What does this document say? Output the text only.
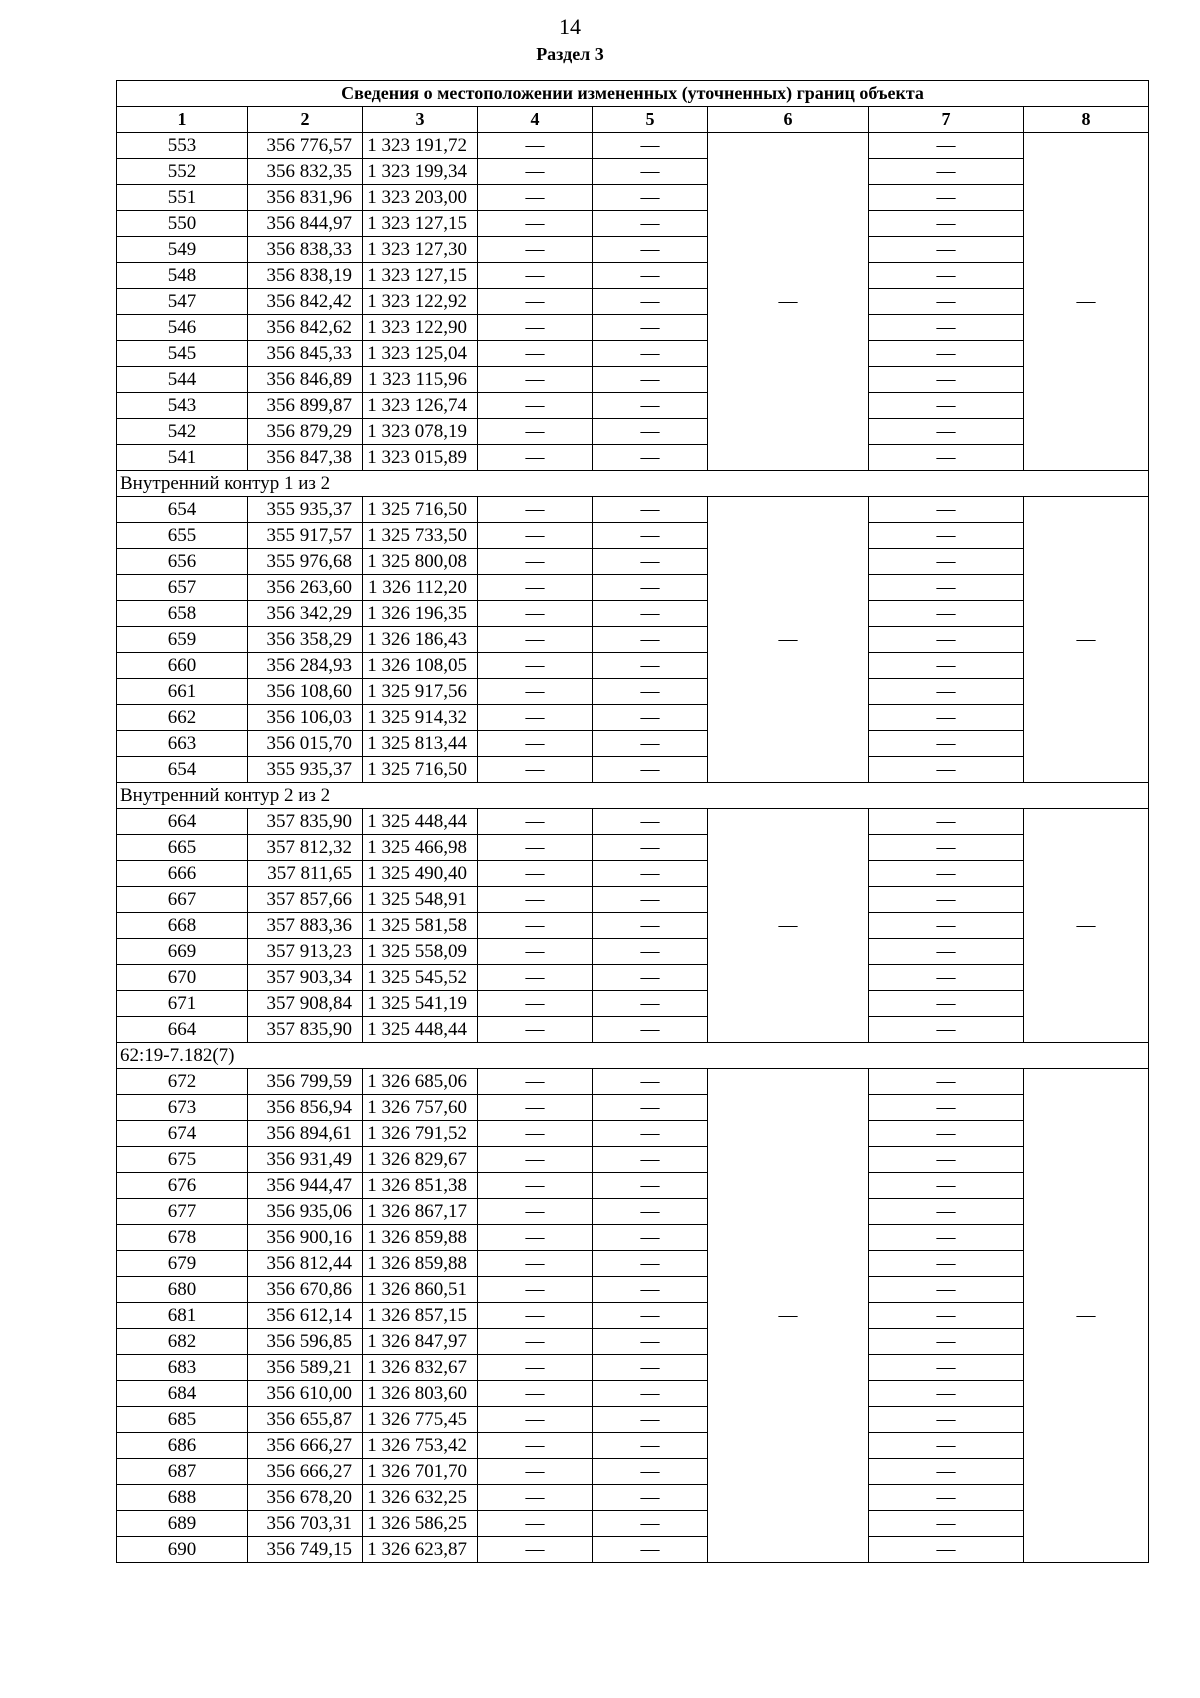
14
Раздел 3
Сведения о местоположении измененных (уточненных) границ объекта							
1	2	3	4	5	6	7	8
553	356 776,57	1 323 191,72	—	—	—	—	—
552	356 832,35	1 323 199,34	—	—		—	
551	356 831,96	1 323 203,00	—	—		—	
550	356 844,97	1 323 127,15	—	—		—	
549	356 838,33	1 323 127,30	—	—		—	
548	356 838,19	1 323 127,15	—	—		—	
547	356 842,42	1 323 122,92	—	—		—	
546	356 842,62	1 323 122,90	—	—		—	
545	356 845,33	1 323 125,04	—	—		—	
544	356 846,89	1 323 115,96	—	—		—	
543	356 899,87	1 323 126,74	—	—		—	
542	356 879,29	1 323 078,19	—	—		—	
541	356 847,38	1 323 015,89	—	—		—	
Внутренний контур 1 из 2							
654	355 935,37	1 325 716,50	—	—	—	—	—
655	355 917,57	1 325 733,50	—	—		—	
656	355 976,68	1 325 800,08	—	—		—	
657	356 263,60	1 326 112,20	—	—		—	
658	356 342,29	1 326 196,35	—	—		—	
659	356 358,29	1 326 186,43	—	—		—	
660	356 284,93	1 326 108,05	—	—		—	
661	356 108,60	1 325 917,56	—	—		—	
662	356 106,03	1 325 914,32	—	—		—	
663	356 015,70	1 325 813,44	—	—		—	
654	355 935,37	1 325 716,50	—	—		—	
Внутренний контур 2 из 2							
664	357 835,90	1 325 448,44	—	—	—	—	—
665	357 812,32	1 325 466,98	—	—		—	
666	357 811,65	1 325 490,40	—	—		—	
667	357 857,66	1 325 548,91	—	—		—	
668	357 883,36	1 325 581,58	—	—		—	
669	357 913,23	1 325 558,09	—	—		—	
670	357 903,34	1 325 545,52	—	—		—	
671	357 908,84	1 325 541,19	—	—		—	
664	357 835,90	1 325 448,44	—	—		—	
62:19-7.182(7)							
672	356 799,59	1 326 685,06	—	—	—	—	—
673	356 856,94	1 326 757,60	—	—		—	
674	356 894,61	1 326 791,52	—	—		—	
675	356 931,49	1 326 829,67	—	—		—	
676	356 944,47	1 326 851,38	—	—		—	
677	356 935,06	1 326 867,17	—	—		—	
678	356 900,16	1 326 859,88	—	—		—	
679	356 812,44	1 326 859,88	—	—		—	
680	356 670,86	1 326 860,51	—	—		—	
681	356 612,14	1 326 857,15	—	—		—	
682	356 596,85	1 326 847,97	—	—		—	
683	356 589,21	1 326 832,67	—	—		—	
684	356 610,00	1 326 803,60	—	—		—	
685	356 655,87	1 326 775,45	—	—		—	
686	356 666,27	1 326 753,42	—	—		—	
687	356 666,27	1 326 701,70	—	—		—	
688	356 678,20	1 326 632,25	—	—		—	
689	356 703,31	1 326 586,25	—	—		—	
690	356 749,15	1 326 623,87	—	—		—	
